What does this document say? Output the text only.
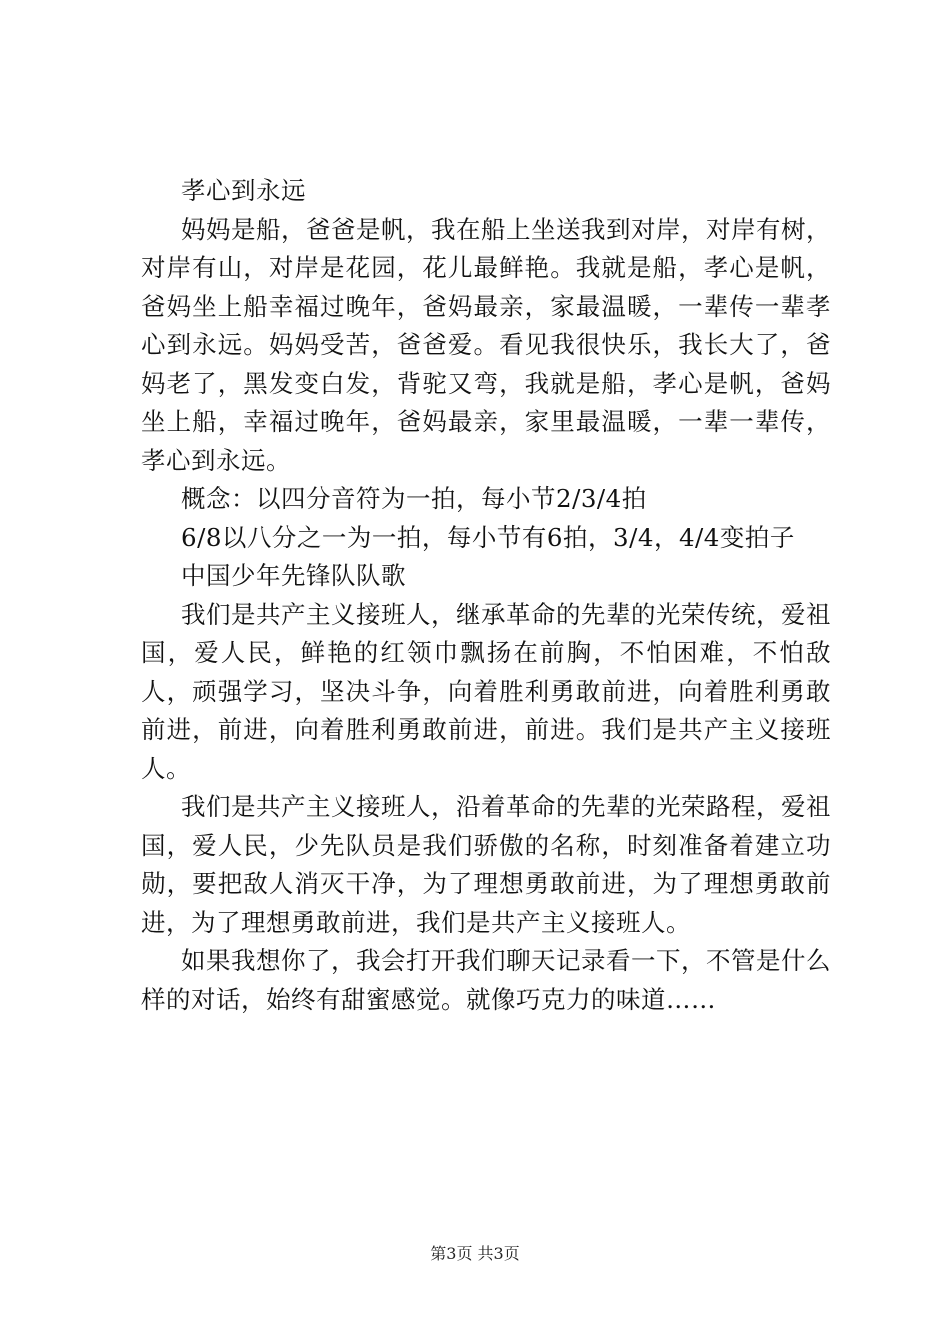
孝心到永远

妈妈是船，爸爸是帆，我在船上坐送我到对岸，对岸有树，对岸有山，对岸是花园，花儿最鲜艳。我就是船，孝心是帆，爸妈坐上船幸福过晚年，爸妈最亲，家最温暖，一辈传一辈孝心到永远。妈妈受苦，爸爸爱。看见我很快乐，我长大了，爸妈老了，黑发变白发，背驼又弯，我就是船，孝心是帆，爸妈坐上船，幸福过晚年，爸妈最亲，家里最温暖，一辈一辈传，孝心到永远。

概念：以四分音符为一拍，每小节2/3/4拍

6/8以八分之一为一拍，每小节有6拍，3/4，4/4变拍子

中国少年先锋队队歌

我们是共产主义接班人，继承革命的先辈的光荣传统，爱祖国，爱人民，鲜艳的红领巾飘扬在前胸，不怕困难，不怕敌人，顽强学习，坚决斗争，向着胜利勇敢前进，向着胜利勇敢前进，前进，向着胜利勇敢前进，前进。我们是共产主义接班人。

我们是共产主义接班人，沿着革命的先辈的光荣路程，爱祖国，爱人民，少先队员是我们骄傲的名称，时刻准备着建立功勋，要把敌人消灭干净，为了理想勇敢前进，为了理想勇敢前进，为了理想勇敢前进，我们是共产主义接班人。

如果我想你了，我会打开我们聊天记录看一下，不管是什么样的对话，始终有甜蜜感觉。就像巧克力的味道……

第3页 共3页
